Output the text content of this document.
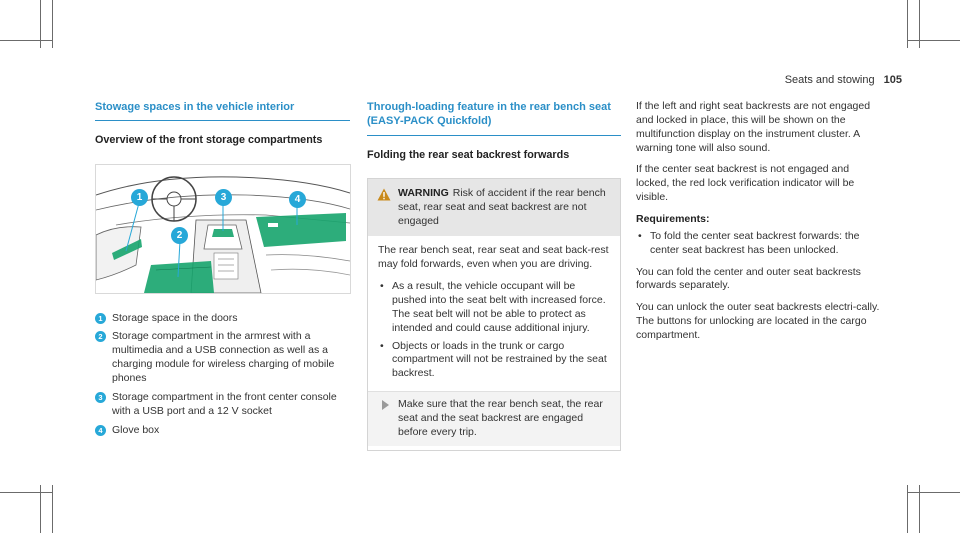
Seats and stowing 105
Stowage spaces in the vehicle interior
Overview of the front storage compartments
1
2
3	4
1 Storage space in the doors
2 Storage compartment in the armrest with a multimedia and a USB connection as well as a charging module for wireless charging of mobile phones
3 Storage compartment in the front center console with a USB port and a 12 V socket
4 Glove box
Through-loading feature in the rear bench seat (EASY-PACK Quickfold)
Folding the rear seat backrest forwards
WARNING Risk of accident if the rear bench seat, rear seat and seat backrest are not engaged

The rear bench seat, rear seat and seat back-rest may fold forwards, even when you are driving.

• As a result, the vehicle occupant will be pushed into the seat belt with increased force. The seat belt will not be able to protect as intended and could cause additional injury.
• Objects or loads in the trunk or cargo compartment will not be restrained by the seat backrest.
Make sure that the rear bench seat, the rear seat and the seat backrest are engaged before every trip.

If the left and right seat backrests are not engaged and locked in place, this will be shown on the multifunction display on the instrument cluster. A warning tone will also sound.

If the center seat backrest is not engaged and locked, the red lock verification indicator will be visible.

Requirements:
• To fold the center seat backrest forwards: the center seat backrest has been unlocked.

You can fold the center and outer seat backrests forwards separately.

You can unlock the outer seat backrests electri-cally. The buttons for unlocking are located in the cargo compartment.
